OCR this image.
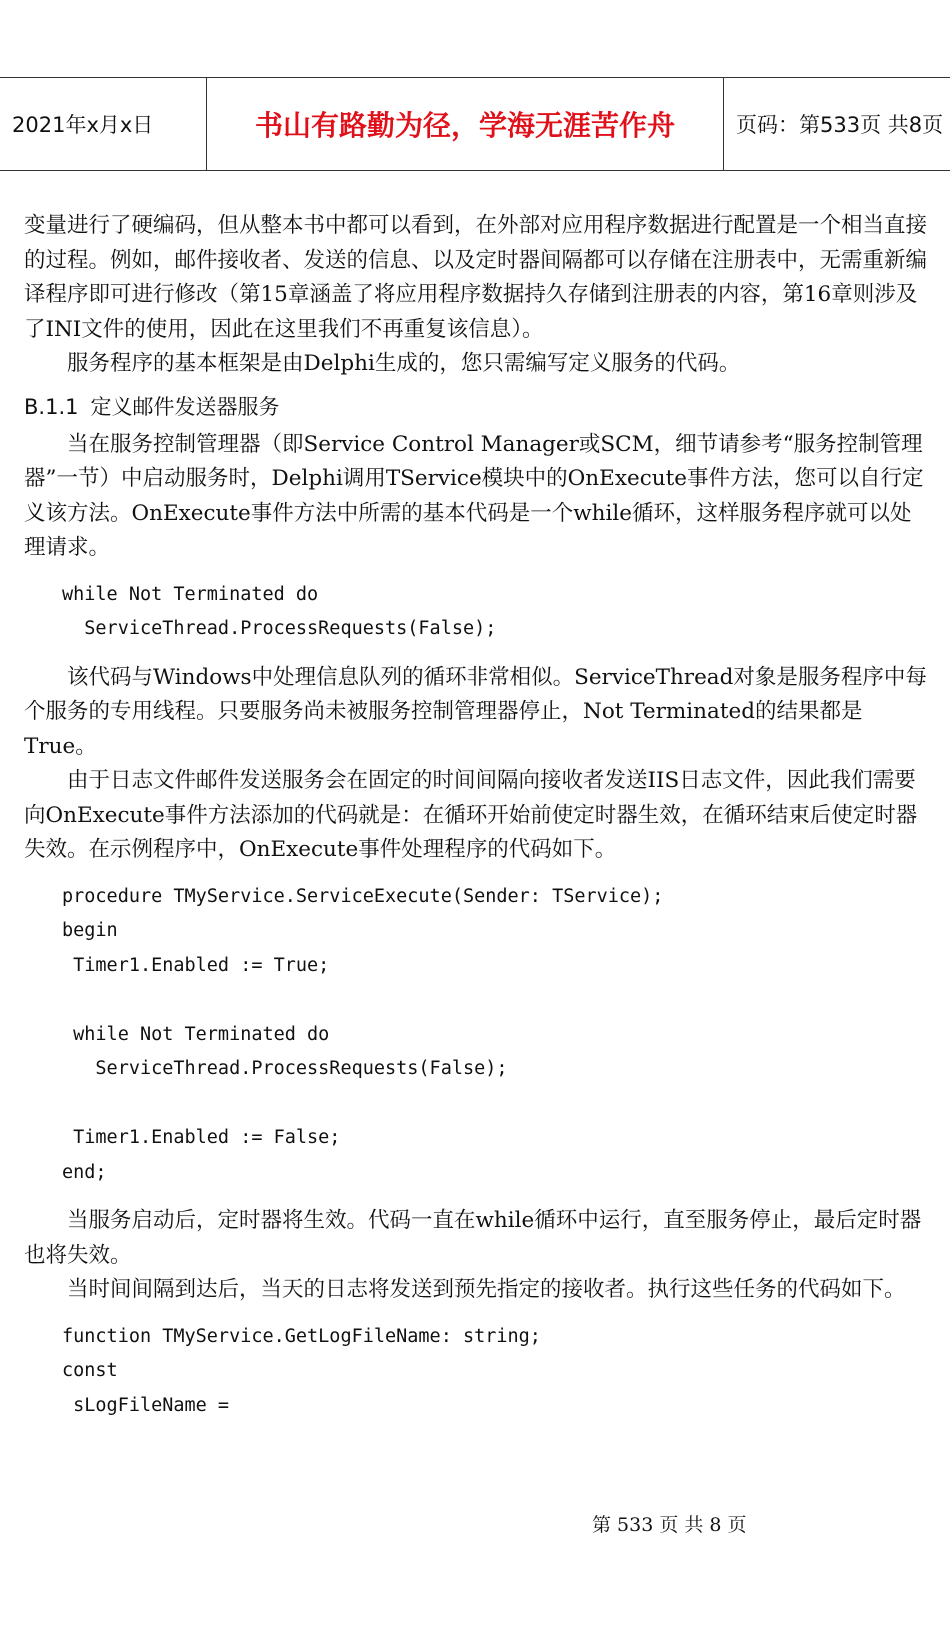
2021年x月x日	书山有路勤为径，学海无涯苦作舟	页码：第533页 共8页

变量进行了硬编码，但从整本书中都可以看到，在外部对应用程序数据进行配置是一个相当直接的过程。例如，邮件接收者、发送的信息、以及定时器间隔都可以存储在注册表中，无需重新编译程序即可进行修改（第15章涵盖了将应用程序数据持久存储到注册表的内容，第16章则涉及了INI文件的使用，因此在这里我们不再重复该信息）。

服务程序的基本框架是由Delphi生成的，您只需编写定义服务的代码。

B.1.1 定义邮件发送器服务

当在服务控制管理器（即Service Control Manager或SCM，细节请参考“服务控制管理器”一节）中启动服务时，Delphi调用TService模块中的OnExecute事件方法，您可以自行定义该方法。OnExecute事件方法中所需的基本代码是一个while循环，这样服务程序就可以处理请求。

while Not Terminated do
ServiceThread.ProcessRequests(False);

该代码与Windows中处理信息队列的循环非常相似。ServiceThread对象是服务程序中每个服务的专用线程。只要服务尚未被服务控制管理器停止，Not Terminated的结果都是True。

由于日志文件邮件发送服务会在固定的时间间隔向接收者发送IIS日志文件，因此我们需要向OnExecute事件方法添加的代码就是：在循环开始前使定时器生效，在循环结束后使定时器失效。在示例程序中，OnExecute事件处理程序的代码如下。

procedure TMyService.ServiceExecute(Sender: TService);
begin
Timer1.Enabled := True;

while Not Terminated do
ServiceThread.ProcessRequests(False);

Timer1.Enabled := False;
end;

当服务启动后，定时器将生效。代码一直在while循环中运行，直至服务停止，最后定时器也将失效。

当时间间隔到达后，当天的日志将发送到预先指定的接收者。执行这些任务的代码如下。

function TMyService.GetLogFileName: string;
const
sLogFileName =
第 533 页 共 8 页
